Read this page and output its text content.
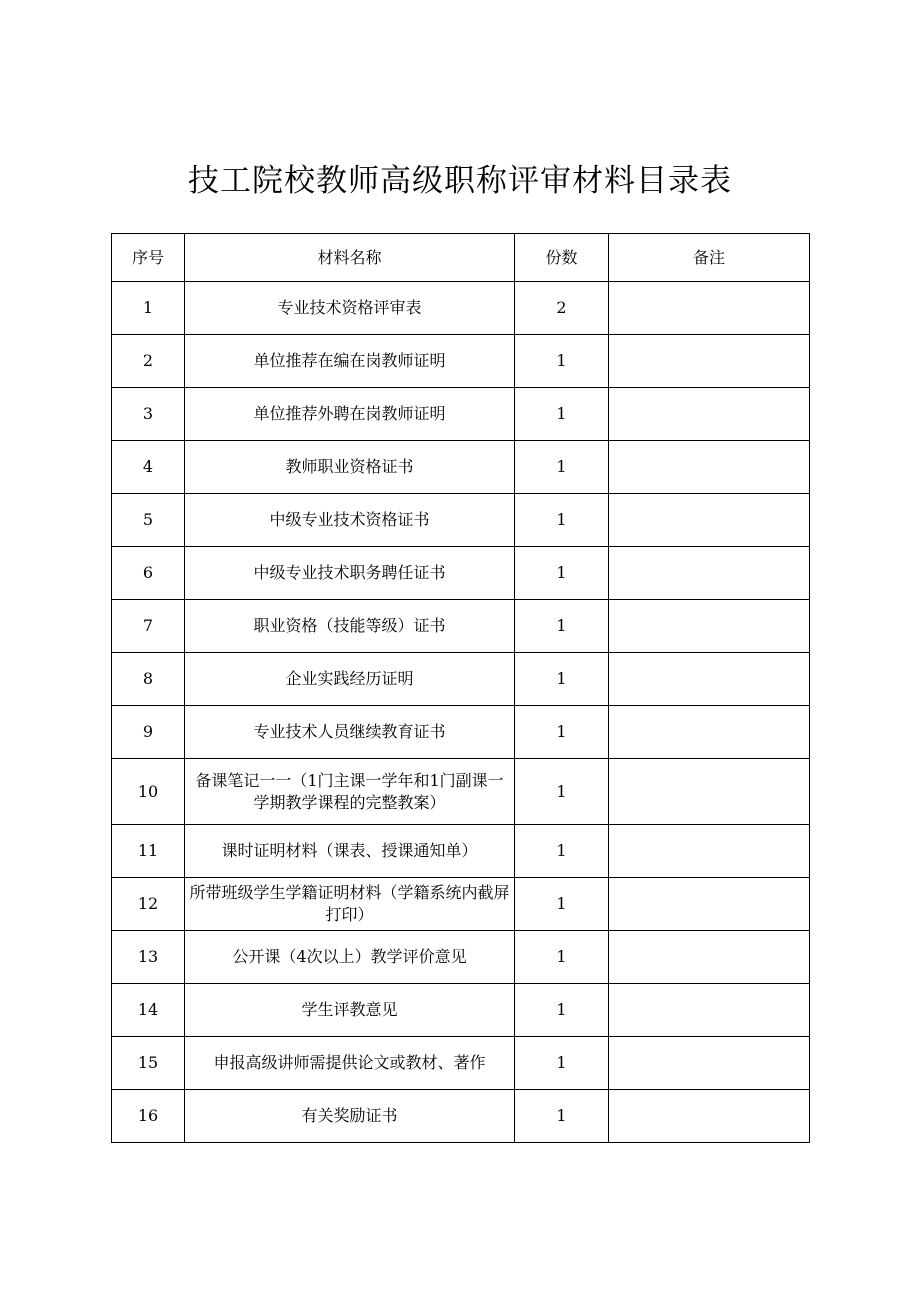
技工院校教师高级职称评审材料目录表
序号	材料名称	份数	备注
1	专业技术资格评审表	2	
2	单位推荐在编在岗教师证明	1	
3	单位推荐外聘在岗教师证明	1	
4	教师职业资格证书	1	
5	中级专业技术资格证书	1	
6	中级专业技术职务聘任证书	1	
7	职业资格（技能等级）证书	1	
8	企业实践经历证明	1	
9	专业技术人员继续教育证书	1	
10	备课笔记一一（1门主课一学年和1门副课一学期教学课程的完整教案）	1	
11	课时证明材料（课表、授课通知单）	1	
12	所带班级学生学籍证明材料（学籍系统内截屏打印）	1	
13	公开课（4次以上）教学评价意见	1	
14	学生评教意见	1	
15	申报高级讲师需提供论文或教材、著作	1	
16	有关奖励证书	1	
